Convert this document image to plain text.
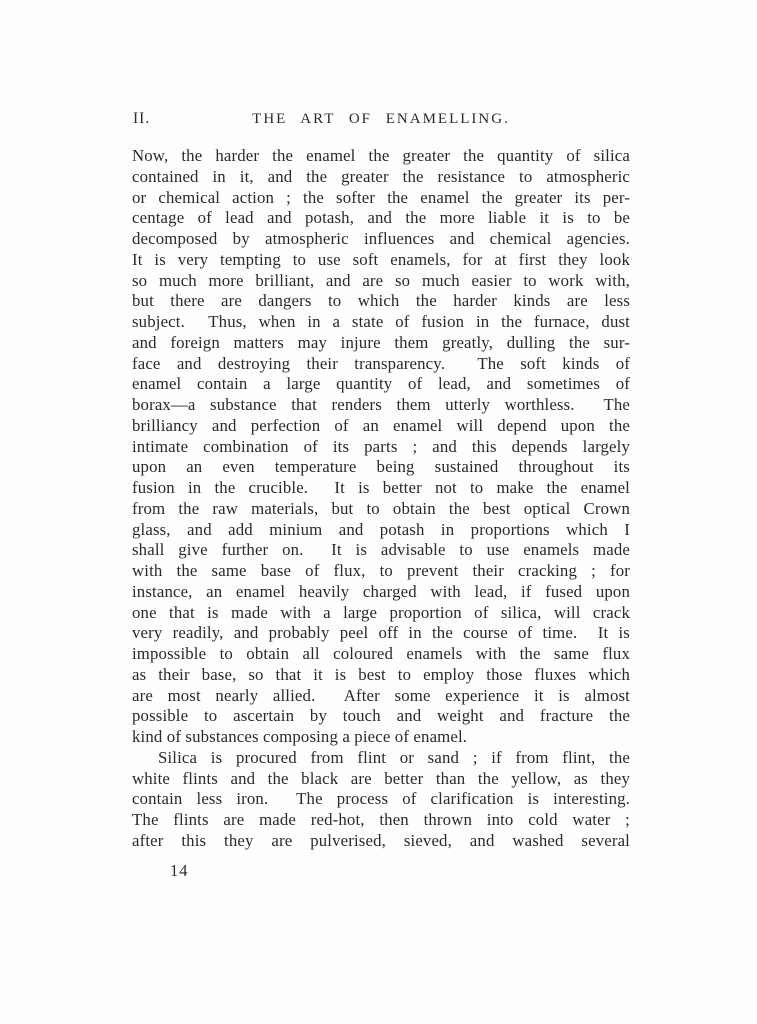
II.	THE ART OF ENAMELLING.
Now, the harder the enamel the greater the quantity of silica
contained in it, and the greater the resistance to atmospheric
or chemical action ; the softer the enamel the greater its per-
centage of lead and potash, and the more liable it is to be
decomposed by atmospheric influences and chemical agencies.
It is very tempting to use soft enamels, for at first they look
so much more brilliant, and are so much easier to work with,
but there are dangers to which the harder kinds are less
subject.  Thus, when in a state of fusion in the furnace, dust
and foreign matters may injure them greatly, dulling the sur-
face and destroying their transparency.  The soft kinds of
enamel contain a large quantity of lead, and sometimes of
borax—a substance that renders them utterly worthless.  The
brilliancy and perfection of an enamel will depend upon the
intimate combination of its parts ; and this depends largely
upon an even temperature being sustained throughout its
fusion in the crucible.  It is better not to make the enamel
from the raw materials, but to obtain the best optical Crown
glass, and add minium and potash in proportions which I
shall give further on.  It is advisable to use enamels made
with the same base of flux, to prevent their cracking ; for
instance, an enamel heavily charged with lead, if fused upon
one that is made with a large proportion of silica, will crack
very readily, and probably peel off in the course of time.  It is
impossible to obtain all coloured enamels with the same flux
as their base, so that it is best to employ those fluxes which
are most nearly allied.  After some experience it is almost
possible to ascertain by touch and weight and fracture the
kind of substances composing a piece of enamel.
Silica is procured from flint or sand ; if from flint, the
white flints and the black are better than the yellow, as they
contain less iron.  The process of clarification is interesting.
The flints are made red-hot, then thrown into cold water ;
after this they are pulverised, sieved, and washed several
14
